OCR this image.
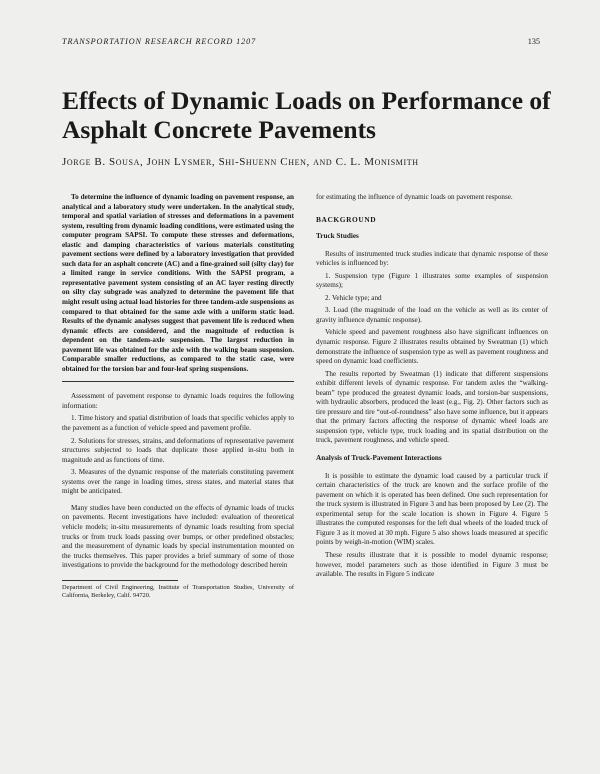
TRANSPORTATION RESEARCH RECORD 1207	135
Effects of Dynamic Loads on Performance of Asphalt Concrete Pavements
Jorge B. Sousa, John Lysmer, Shi-Shuenn Chen, and C. L. Monismith

To determine the influence of dynamic loading on pavement response, an analytical and a laboratory study were undertaken. In the analytical study, temporal and spatial variation of stresses and deformations in a pavement system, resulting from dynamic loading conditions, were estimated using the computer program SAPSI. To compute these stresses and deformations, elastic and damping characteristics of various materials constituting pavement sections were defined by a laboratory investigation that provided such data for an asphalt concrete (AC) and a fine-grained soil (silty clay) for a limited range in service conditions. With the SAPSI program, a representative pavement system consisting of an AC layer resting directly on silty clay subgrade was analyzed to determine the pavement life that might result using actual load histories for three tandem-axle suspensions as compared to that obtained for the same axle with a uniform static load. Results of the dynamic analyses suggest that pavement life is reduced when dynamic effects are considered, and the magnitude of reduction is dependent on the tandem-axle suspension. The largest reduction in pavement life was obtained for the axle with the walking beam suspension. Comparable smaller reductions, as compared to the static case, were obtained for the torsion bar and four-leaf spring suspensions.

Assessment of pavement response to dynamic loads requires the following information:

1. Time history and spatial distribution of loads that specific vehicles apply to the pavement as a function of vehicle speed and pavement profile.

2. Solutions for stresses, strains, and deformations of representative pavement structures subjected to loads that duplicate those applied in-situ both in magnitude and as functions of time.

3. Measures of the dynamic response of the materials constituting pavement systems over the range in loading times, stress states, and material states that might be anticipated.

Many studies have been conducted on the effects of dynamic loads of trucks on pavements. Recent investigations have included: evaluation of theoretical vehicle models; in-situ measurements of dynamic loads resulting from special trucks or from truck loads passing over bumps, or other predefined obstacles; and the measurement of dynamic loads by special instrumentation mounted on the trucks themselves. This paper provides a brief summary of some of those investigations to provide the background for the methodology described herein

Department of Civil Engineering, Institute of Transportation Studies, University of California, Berkeley, Calif. 94720.

for estimating the influence of dynamic loads on pavement response.

BACKGROUND
Truck Studies

Results of instrumented truck studies indicate that dynamic response of these vehicles is influenced by:

1. Suspension type (Figure 1 illustrates some examples of suspension systems);

2. Vehicle type; and

3. Load (the magnitude of the load on the vehicle as well as its center of gravity influence dynamic response).

Vehicle speed and pavement roughness also have significant influences on dynamic response. Figure 2 illustrates results obtained by Sweatman (1) which demonstrate the influence of suspension type as well as pavement roughness and speed on dynamic load coefficients.

The results reported by Sweatman (1) indicate that different suspensions exhibit different levels of dynamic response. For tandem axles the “walking-beam” type produced the greatest dynamic loads, and torsion-bar suspensions, with hydraulic absorbers, produced the least (e.g., Fig. 2). Other factors such as tire pressure and tire “out-of-roundness” also have some influence, but it appears that the primary factors affecting the response of dynamic wheel loads are suspension type, vehicle type, truck loading and its spatial distribution on the truck, pavement roughness, and vehicle speed.

Analysis of Truck-Pavement Interactions

It is possible to estimate the dynamic load caused by a particular truck if certain characteristics of the truck are known and the surface profile of the pavement on which it is operated has been defined. One such representation for the truck system is illustrated in Figure 3 and has been proposed by Lee (2). The experimental setup for the scale location is shown in Figure 4. Figure 5 illustrates the computed responses for the left dual wheels of the loaded truck of Figure 3 as it moved at 30 mph. Figure 5 also shows loads measured at specific points by weigh-in-motion (WIM) scales.

These results illustrate that it is possible to model dynamic response; however, model parameters such as those identified in Figure 3 must be available. The results in Figure 5 indicate
